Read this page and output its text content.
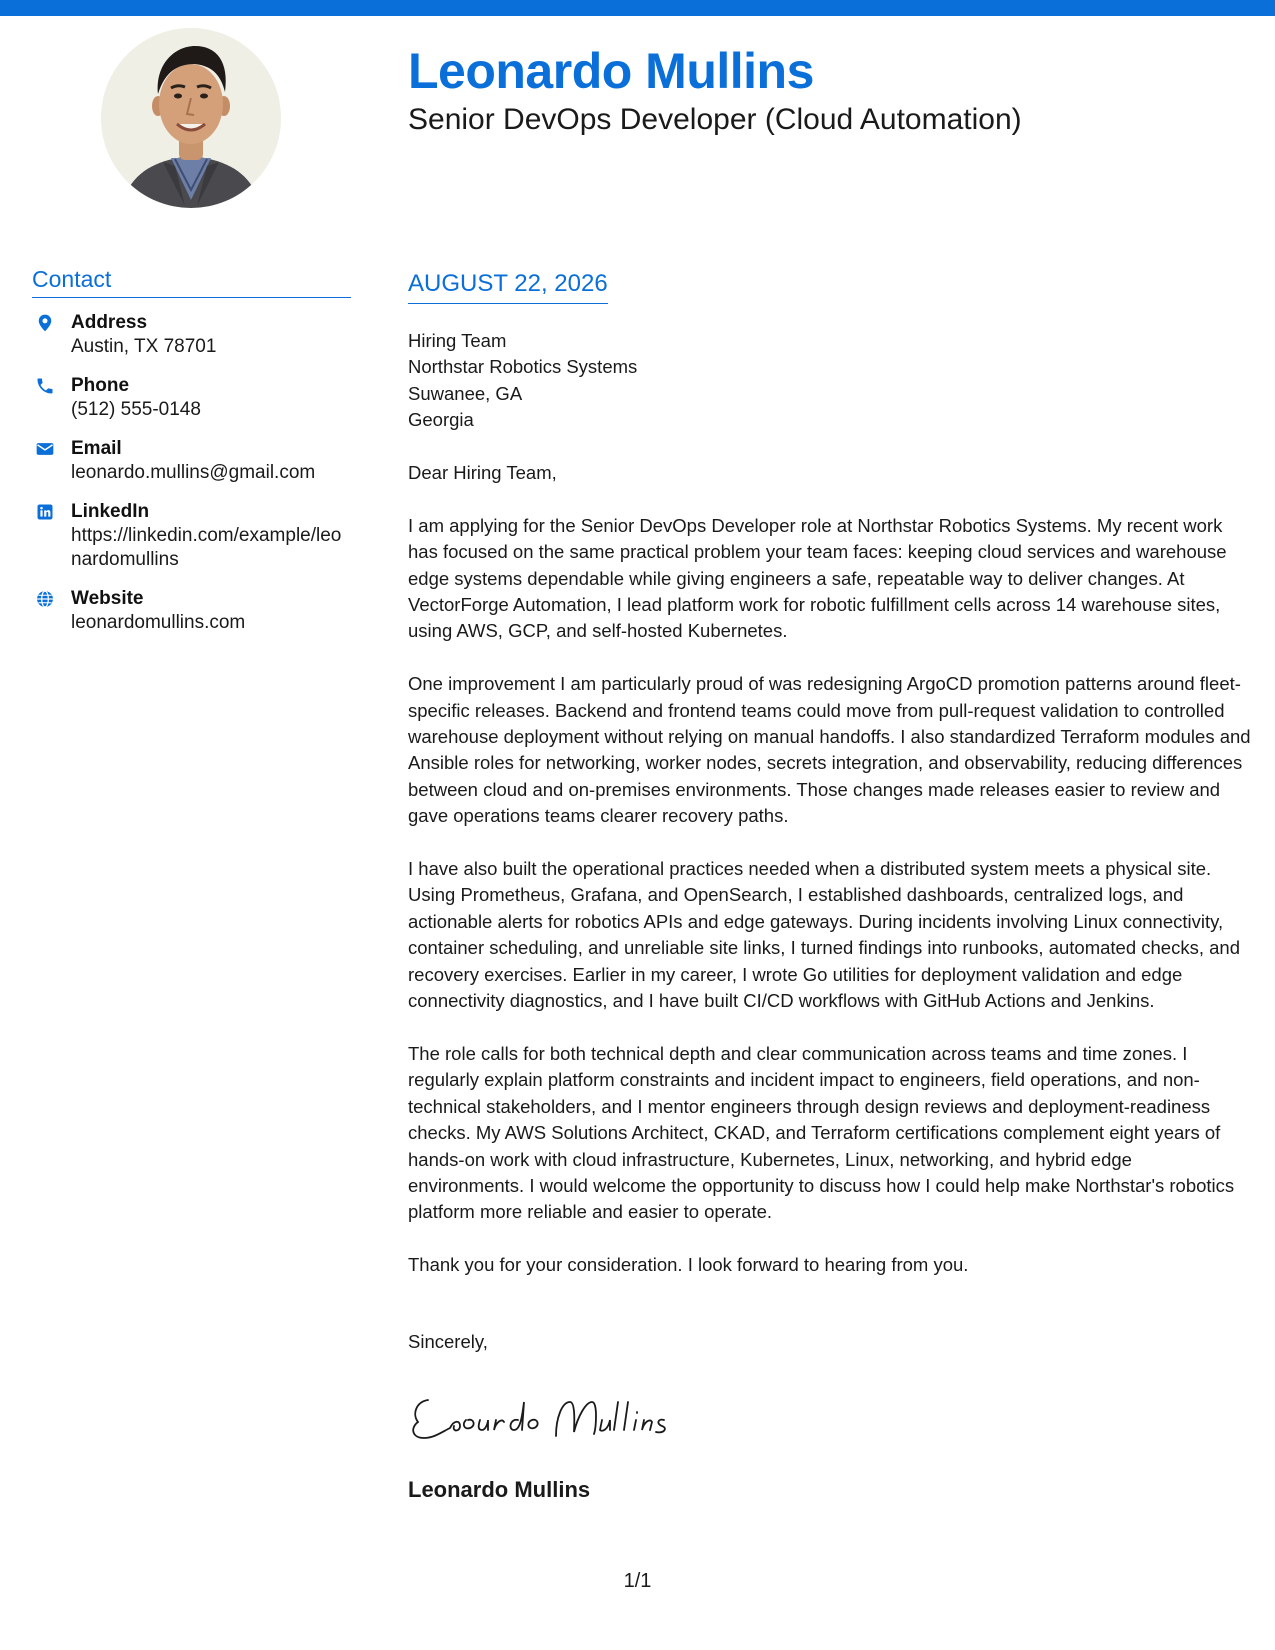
Leonardo Mullins
Senior DevOps Developer (Cloud Automation)
Contact
Address
Austin, TX 78701
Phone
(512) 555-0148
Email
leonardo.mullins@gmail.com
LinkedIn
https://linkedin.com/example/leonardomullins
Website
leonardomullins.com
AUGUST 22, 2026

Hiring Team
Northstar Robotics Systems
Suwanee, GA
Georgia

Dear Hiring Team,

I am applying for the Senior DevOps Developer role at Northstar Robotics Systems. My recent work has focused on the same practical problem your team faces: keeping cloud services and warehouse edge systems dependable while giving engineers a safe, repeatable way to deliver changes. At VectorForge Automation, I lead platform work for robotic fulfillment cells across 14 warehouse sites, using AWS, GCP, and self-hosted Kubernetes.

One improvement I am particularly proud of was redesigning ArgoCD promotion patterns around fleet-specific releases. Backend and frontend teams could move from pull-request validation to controlled warehouse deployment without relying on manual handoffs. I also standardized Terraform modules and Ansible roles for networking, worker nodes, secrets integration, and observability, reducing differences between cloud and on-premises environments. Those changes made releases easier to review and gave operations teams clearer recovery paths.

I have also built the operational practices needed when a distributed system meets a physical site. Using Prometheus, Grafana, and OpenSearch, I established dashboards, centralized logs, and actionable alerts for robotics APIs and edge gateways. During incidents involving Linux connectivity, container scheduling, and unreliable site links, I turned findings into runbooks, automated checks, and recovery exercises. Earlier in my career, I wrote Go utilities for deployment validation and edge connectivity diagnostics, and I have built CI/CD workflows with GitHub Actions and Jenkins.

The role calls for both technical depth and clear communication across teams and time zones. I regularly explain platform constraints and incident impact to engineers, field operations, and non-technical stakeholders, and I mentor engineers through design reviews and deployment-readiness checks. My AWS Solutions Architect, CKAD, and Terraform certifications complement eight years of hands-on work with cloud infrastructure, Kubernetes, Linux, networking, and hybrid edge environments. I would welcome the opportunity to discuss how I could help make Northstar's robotics platform more reliable and easier to operate.

Thank you for your consideration. I look forward to hearing from you.

Sincerely,
Leonardo Mullins
1/1
